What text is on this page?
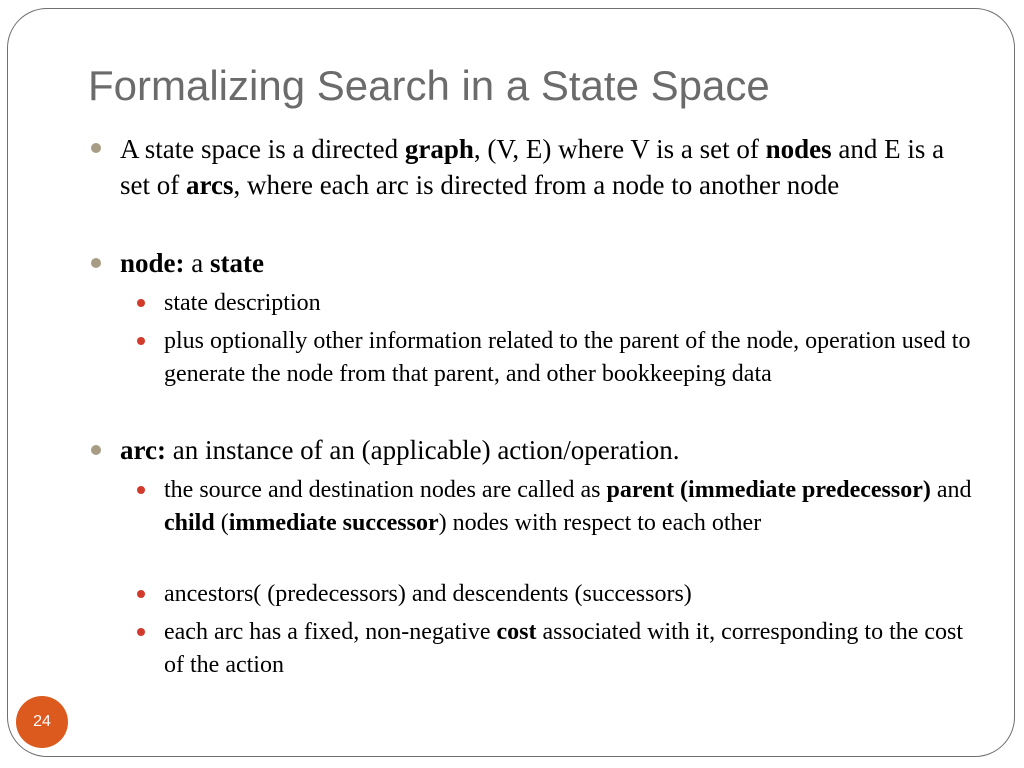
Formalizing Search in a State Space
A state space is a directed graph, (V, E) where V is a set of nodes and E is a set of arcs, where each arc is directed from a node to another node
node: a state
state description
plus optionally other information related to the parent of the node, operation used to generate the node from that parent, and other bookkeeping data
arc: an instance of an (applicable) action/operation.
the source and destination nodes are called as parent (immediate predecessor) and child (immediate successor) nodes with respect to each other
ancestors( (predecessors) and descendents (successors)
each arc has a fixed, non-negative cost associated with it, corresponding to the cost of the action
24
